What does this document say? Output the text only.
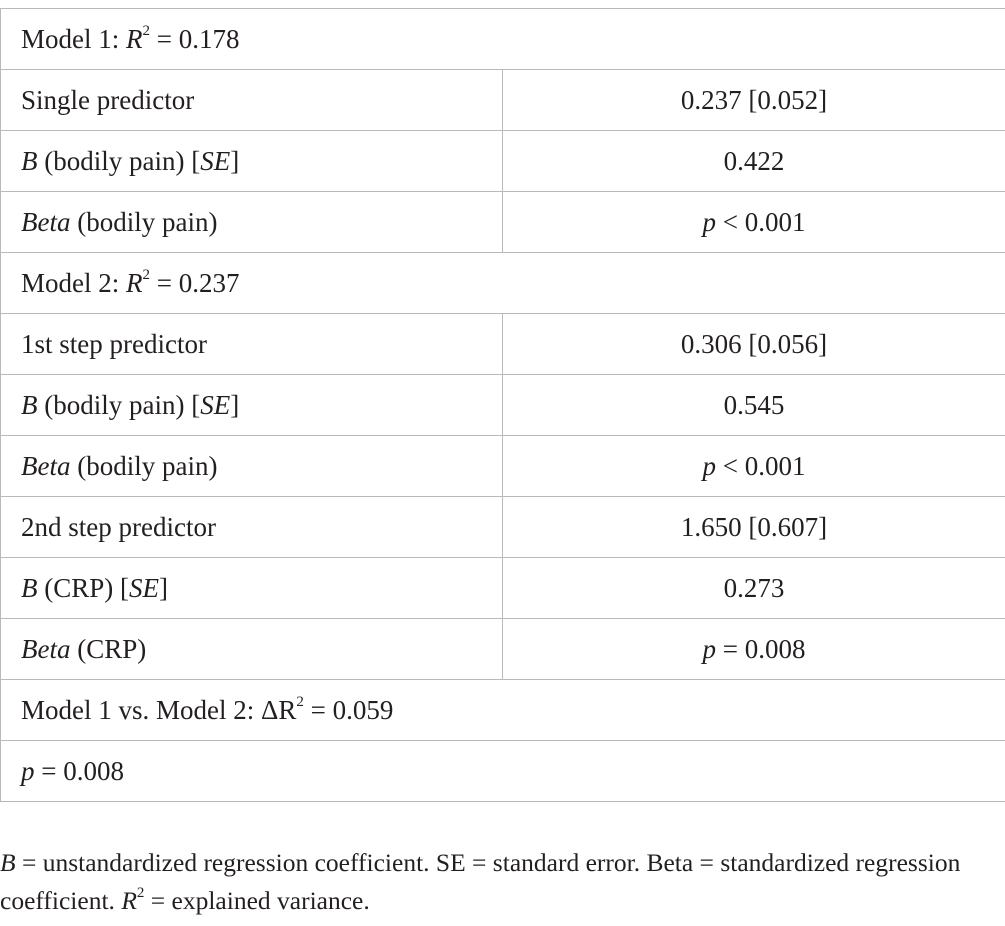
Model 1: $R^2 = 0.178$	
Single predictor	0.237 [0.052]
B (bodily pain) [SE]	0.422
Beta (bodily pain)	p < 0.001
Model 2: $R^2 = 0.237$	
1st step predictor	0.306 [0.056]
B (bodily pain) [SE]	0.545
Beta (bodily pain)	p < 0.001
2nd step predictor	1.650 [0.607]
B (CRP) [SE]	0.273
Beta (CRP)	p = 0.008
Model 1 vs. Model 2: $\Delta R^2 = 0.059$	
p = 0.008	
B = unstandardized regression coefficient. SE = standard error. Beta = standardized regression
coefficient. $R^2$ = explained variance.
